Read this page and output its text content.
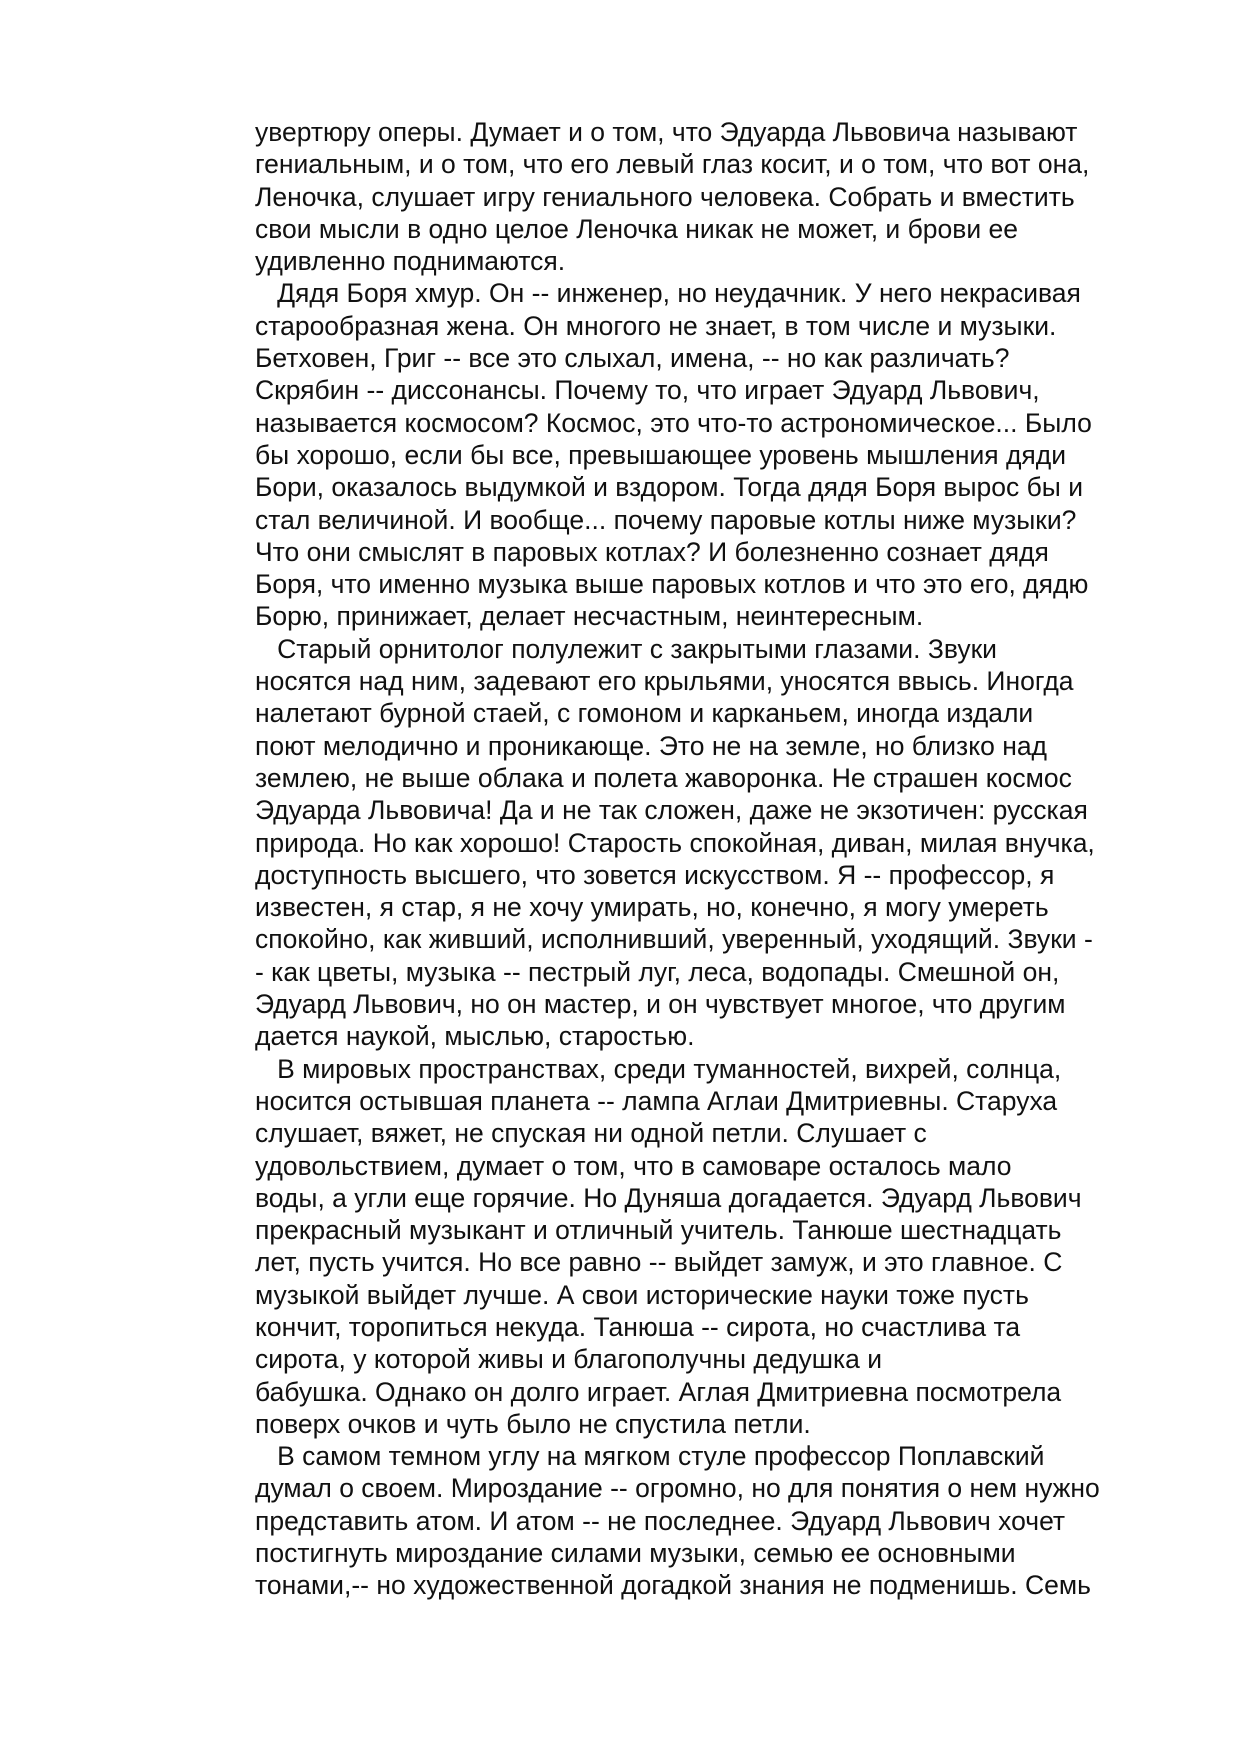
увертюру оперы. Думает и о том, что Эдуарда Львовича называют
гениальным, и о том, что его левый глаз косит, и о том, что вот она,
Леночка, слушает игру гениального человека. Собрать и вместить
свои мысли в одно целое Леночка никак не может, и брови ее
удивленно поднимаются.
Дядя Боря хмур. Он -- инженер, но неудачник. У него некрасивая
старообразная жена. Он многого не знает, в том числе и музыки.
Бетховен, Григ -- все это слыхал, имена, -- но как различать?
Скрябин -- диссонансы. Почему то, что играет Эдуард Львович,
называется космосом? Космос, это что-то астрономическое... Было
бы хорошо, если бы все, превышающее уровень мышления дяди
Бори, оказалось выдумкой и вздором. Тогда дядя Боря вырос бы и
стал величиной. И вообще... почему паровые котлы ниже музыки?
Что они смыслят в паровых котлах? И болезненно сознает дядя
Боря, что именно музыка выше паровых котлов и что это его, дядю
Борю, принижает, делает несчастным, неинтересным.
Старый орнитолог полулежит с закрытыми глазами. Звуки
носятся над ним, задевают его крыльями, уносятся ввысь. Иногда
налетают бурной стаей, с гомоном и карканьем, иногда издали
поют мелодично и проникающе. Это не на земле, но близко над
землею, не выше облака и полета жаворонка. Не страшен космос
Эдуарда Львовича! Да и не так сложен, даже не экзотичен: русская
природа. Но как хорошо! Старость спокойная, диван, милая внучка,
доступность высшего, что зовется искусством. Я -- профессор, я
известен, я стар, я не хочу умирать, но, конечно, я могу умереть
спокойно, как живший, исполнивший, уверенный, уходящий. Звуки -
- как цветы, музыка -- пестрый луг, леса, водопады. Смешной он,
Эдуард Львович, но он мастер, и он чувствует многое, что другим
дается наукой, мыслью, старостью.
В мировых пространствах, среди туманностей, вихрей, солнца,
носится остывшая планета -- лампа Аглаи Дмитриевны. Старуха
слушает, вяжет, не спуская ни одной петли. Слушает с
удовольствием, думает о том, что в самоваре осталось мало
воды, а угли еще горячие. Но Дуняша догадается. Эдуард Львович
прекрасный музыкант и отличный учитель. Танюше шестнадцать
лет, пусть учится. Но все равно -- выйдет замуж, и это главное. С
музыкой выйдет лучше. А свои исторические науки тоже пусть
кончит, торопиться некуда. Танюша -- сирота, но счастлива та
сирота, у которой живы и благополучны дедушка и
бабушка. Однако он долго играет. Аглая Дмитриевна посмотрела
поверх очков и чуть было не спустила петли.
В самом темном углу на мягком стуле профессор Поплавский
думал о своем. Мироздание -- огромно, но для понятия о нем нужно
представить атом. И атом -- не последнее. Эдуард Львович хочет
постигнуть мироздание силами музыки, семью ее основными
тонами,-- но художественной догадкой знания не подменишь. Семь
